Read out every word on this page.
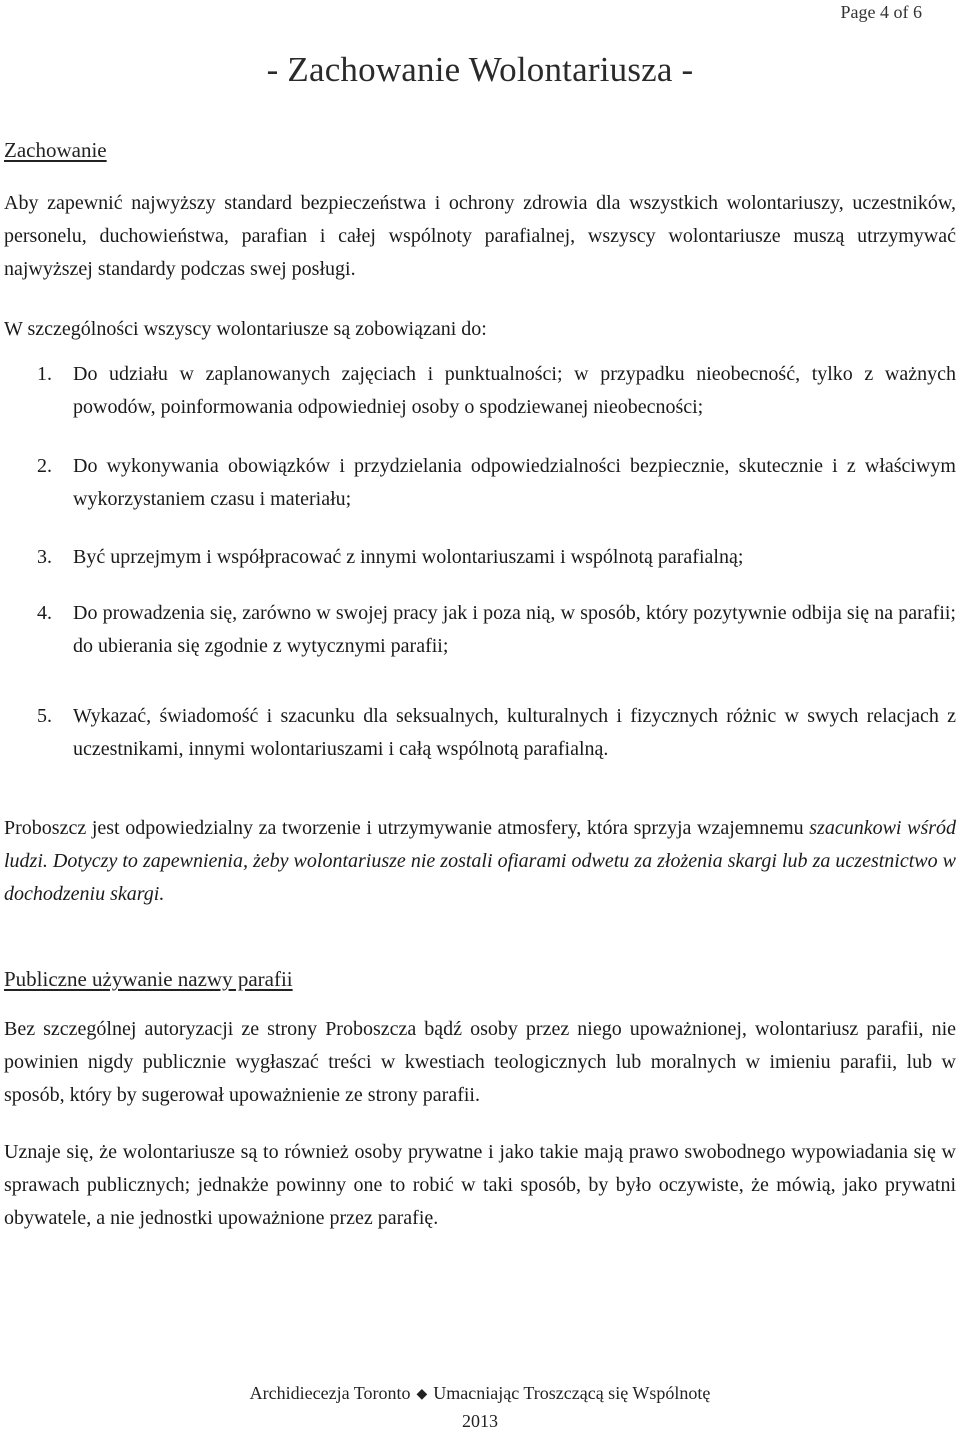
Page 4 of 6
- Zachowanie Wolontariusza -
Zachowanie

Aby zapewnić najwyższy standard bezpieczeństwa i ochrony zdrowia dla wszystkich wolontariuszy, uczestników, personelu, duchowieństwa, parafian i całej wspólnoty parafialnej, wszyscy wolontariusze muszą utrzymywać najwyższej standardy podczas swej posługi.

W szczególności wszyscy wolontariusze są zobowiązani do:

1. Do udziału w zaplanowanych zajęciach i punktualności; w przypadku nieobecność, tylko z ważnych powodów, poinformowania odpowiedniej osoby o spodziewanej nieobecności;
2. Do wykonywania obowiązków i przydzielania odpowiedzialności bezpiecznie, skutecznie i z właściwym wykorzystaniem czasu i materiału;
3. Być uprzejmym i współpracować z innymi wolontariuszami i wspólnotą parafialną;
4. Do prowadzenia się, zarówno w swojej pracy jak i poza nią, w sposób, który pozytywnie odbija się na parafii; do ubierania się zgodnie z wytycznymi parafii;
5. Wykazać, świadomość i szacunku dla seksualnych, kulturalnych i fizycznych różnic w swych relacjach z uczestnikami, innymi wolontariuszami i całą wspólnotą parafialną.

Proboszcz jest odpowiedzialny za tworzenie i utrzymywanie atmosfery, która sprzyja wzajemnemu szacunkowi wśród ludzi. Dotyczy to zapewnienia, żeby wolontariusze nie zostali ofiarami odwetu za złożenia skargi lub za uczestnictwo w dochodzeniu skargi.

Publiczne używanie nazwy parafii

Bez szczególnej autoryzacji ze strony Proboszcza bądź osoby przez niego upoważnionej, wolontariusz parafii, nie powinien nigdy publicznie wygłaszać treści w kwestiach teologicznych lub moralnych w imieniu parafii, lub w sposób, który by sugerował upoważnienie ze strony parafii.

Uznaje się, że wolontariusze są to również osoby prywatne i jako takie mają prawo swobodnego wypowiadania się w sprawach publicznych; jednakże powinny one to robić w taki sposób, by było oczywiste, że mówią, jako prywatni obywatele, a nie jednostki upoważnione przez parafię.

Archidiecezja Toronto ◆ Umacniając Troszczącą się Wspólnotę
2013
